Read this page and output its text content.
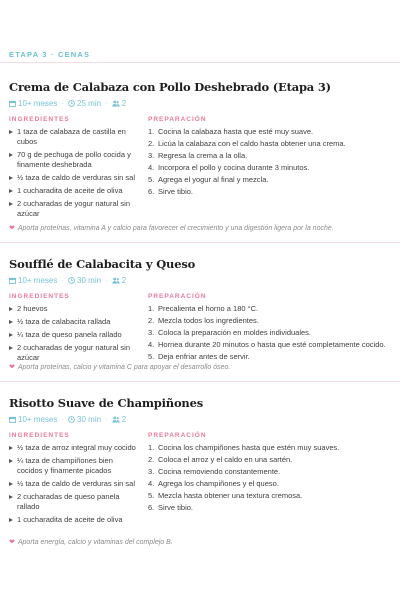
ETAPA 3 · CENAS
Crema de Calabaza con Pollo Deshebrado (Etapa 3)
10+ meses · 25 min · 2
INGREDIENTES
1 taza de calabaza de castilla en cubos
70 g de pechuga de pollo cocida y finamente deshebrada
½ taza de caldo de verduras sin sal
1 cucharadita de aceite de oliva
2 cucharadas de yogur natural sin azúcar
PREPARACIÓN
1. Cocina la calabaza hasta que esté muy suave.
2. Licúa la calabaza con el caldo hasta obtener una crema.
3. Regresa la crema a la olla.
4. Incorpora el pollo y cocina durante 3 minutos.
5. Agrega el yogur al final y mezcla.
6. Sirve tibio.
❤ Aporta proteínas, vitamina A y calcio para favorecer el crecimiento y una digestión ligera por la noche.
Soufflé de Calabacita y Queso
10+ meses · 30 min · 2
INGREDIENTES
2 huevos
½ taza de calabacita rallada
¼ taza de queso panela rallado
2 cucharadas de yogur natural sin azúcar
PREPARACIÓN
1. Precalienta el horno a 180 °C.
2. Mezcla todos los ingredientes.
3. Coloca la preparación en moldes individuales.
4. Hornea durante 20 minutos o hasta que esté completamente cocido.
5. Deja enfriar antes de servir.
❤ Aporta proteínas, calcio y vitamina C para apoyar el desarrollo óseo.
Risotto Suave de Champiñones
10+ meses · 30 min · 2
INGREDIENTES
½ taza de arroz integral muy cocido
¼ taza de champiñones bien cocidos y finamente picados
½ taza de caldo de verduras sin sal
2 cucharadas de queso panela rallado
1 cucharadita de aceite de oliva
PREPARACIÓN
1. Cocina los champiñones hasta que estén muy suaves.
2. Coloca el arroz y el caldo en una sartén.
3. Cocina removiendo constantemente.
4. Agrega los champiñones y el queso.
5. Mezcla hasta obtener una textura cremosa.
6. Sirve tibio.
❤ Aporta energía, calcio y vitaminas del complejo B.
